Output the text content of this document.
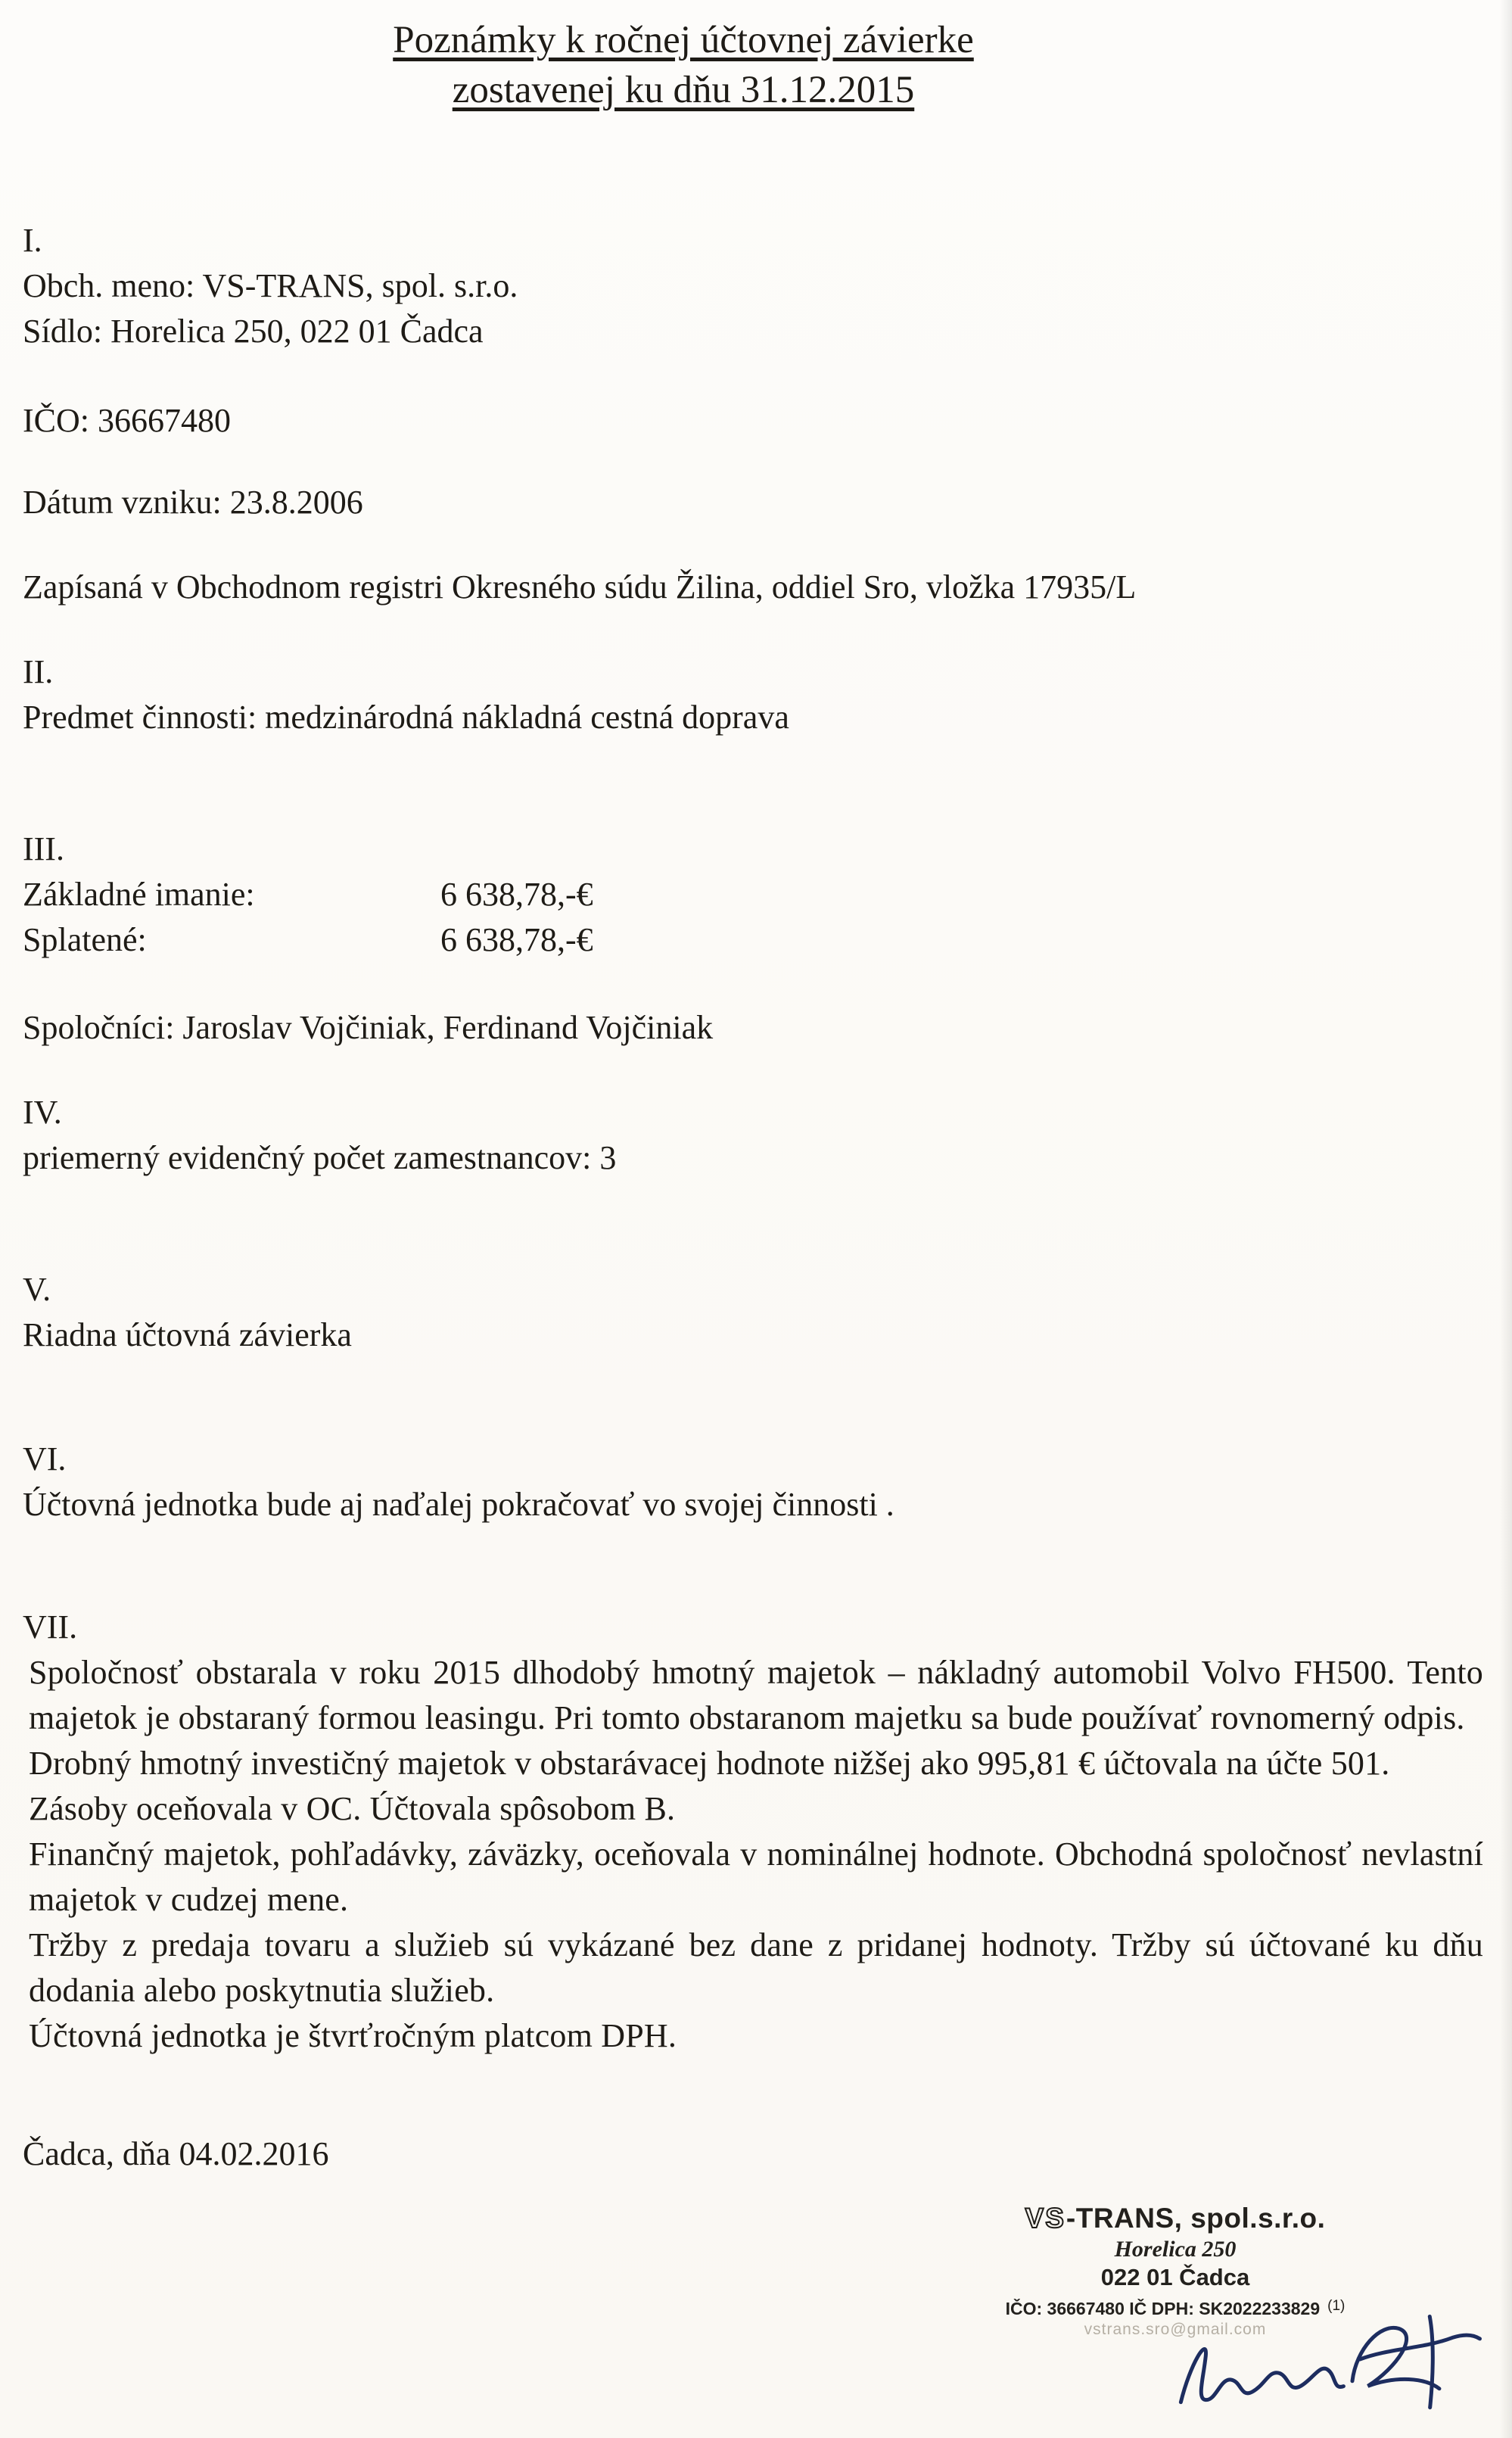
Poznámky k ročnej účtovnej závierke
zostavenej ku dňu 31.12.2015

I.

Obch. meno: VS-TRANS, spol. s.r.o.

Sídlo: Horelica 250, 022 01 Čadca

IČO: 36667480

Dátum vzniku: 23.8.2006

Zapísaná v Obchodnom registri Okresného súdu Žilina, oddiel Sro, vložka 17935/L

II.

Predmet činnosti: medzinárodná nákladná cestná doprava

III.

Základné imanie:	6 638,78,-€
Splatené:	6 638,78,-€

Spoločníci: Jaroslav Vojčiniak, Ferdinand Vojčiniak

IV.

priemerný evidenčný počet zamestnancov: 3

V.

Riadna účtovná závierka

VI.

Účtovná jednotka bude aj naďalej pokračovať vo svojej činnosti .

VII.

Spoločnosť obstarala v roku 2015 dlhodobý hmotný majetok – nákladný automobil Volvo FH500. Tento majetok je obstaraný formou leasingu. Pri tomto obstaranom majetku sa bude používať rovnomerný odpis.

Drobný hmotný investičný majetok v obstarávacej hodnote nižšej ako 995,81 € účtovala na účte 501.

Zásoby oceňovala v OC. Účtovala spôsobom B.

Finančný majetok, pohľadávky, záväzky, oceňovala v nominálnej hodnote. Obchodná spoločnosť nevlastní majetok v cudzej mene.

Tržby z predaja tovaru a služieb sú vykázané bez dane z pridanej hodnoty. Tržby sú účtované ku dňu dodania alebo poskytnutia služieb.

Účtovná jednotka je štvrťročným platcom DPH.

Čadca, dňa 04.02.2016

VS-TRANS, spol.s.r.o.
Horelica 250
022 01 Čadca
IČO: 36667480 IČ DPH: SK2022233829 $^{(1)}$
vstrans.sro@gmail.com
